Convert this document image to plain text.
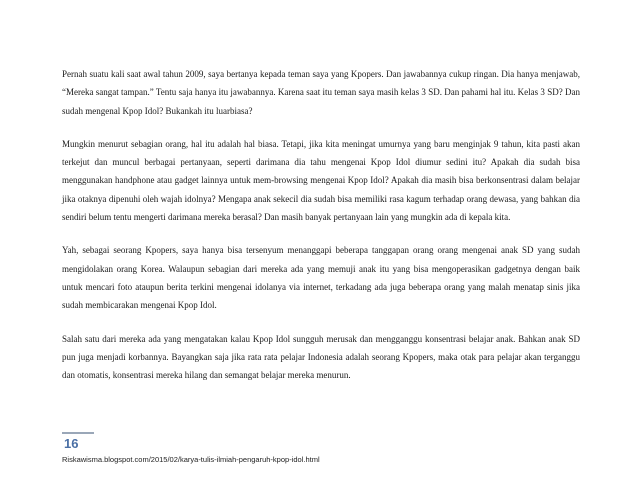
Pernah suatu kali saat awal tahun 2009, saya bertanya kepada teman saya yang Kpopers. Dan jawabannya cukup ringan. Dia hanya menjawab, “Mereka sangat tampan.” Tentu saja hanya itu jawabannya. Karena saat itu teman saya masih kelas 3 SD. Dan pahami hal itu. Kelas 3 SD? Dan sudah mengenal Kpop Idol? Bukankah itu luarbiasa?

Mungkin menurut sebagian orang, hal itu adalah hal biasa. Tetapi, jika kita meningat umurnya yang baru menginjak 9 tahun, kita pasti akan terkejut dan muncul berbagai pertanyaan, seperti darimana dia tahu mengenai Kpop Idol diumur sedini itu? Apakah dia sudah bisa menggunakan handphone atau gadget lainnya untuk mem-browsing mengenai Kpop Idol? Apakah dia masih bisa berkonsentrasi dalam belajar jika otaknya dipenuhi oleh wajah idolnya? Mengapa anak sekecil dia sudah bisa memiliki rasa kagum terhadap orang dewasa, yang bahkan dia sendiri belum tentu mengerti darimana mereka berasal? Dan masih banyak pertanyaan lain yang mungkin ada di kepala kita.

Yah, sebagai seorang Kpopers, saya hanya bisa tersenyum menanggapi beberapa tanggapan orang orang mengenai anak SD yang sudah mengidolakan orang Korea. Walaupun sebagian dari mereka ada yang memuji anak itu yang bisa mengoperasikan gadgetnya dengan baik untuk mencari foto ataupun berita terkini mengenai idolanya via internet, terkadang ada juga beberapa orang yang malah menatap sinis jika sudah membicarakan mengenai Kpop Idol.

Salah satu dari mereka ada yang mengatakan kalau Kpop Idol sungguh merusak dan mengganggu konsentrasi belajar anak. Bahkan anak SD pun juga menjadi korbannya. Bayangkan saja jika rata rata pelajar Indonesia adalah seorang Kpopers, maka otak para pelajar akan terganggu dan otomatis, konsentrasi mereka hilang dan semangat belajar mereka menurun.

16
Riskawisma.blogspot.com/2015/02/karya-tulis-ilmiah-pengaruh-kpop-idol.html
